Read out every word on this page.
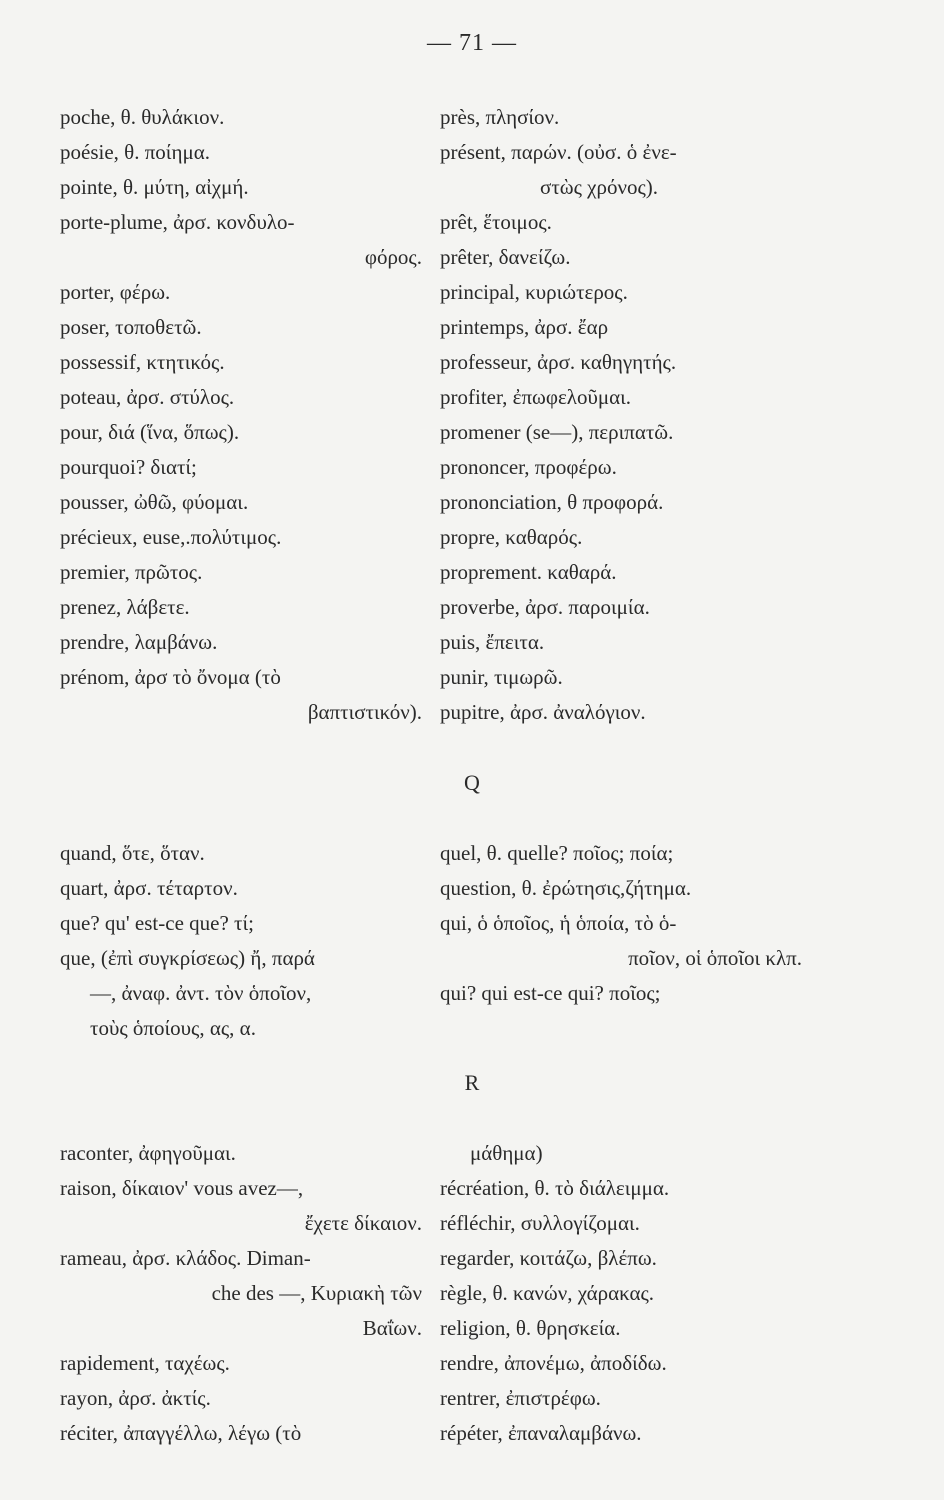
— 71 —
poche, θ. θυλάκιον.
poésie, θ. ποίημα.
pointe, θ. μύτη, αἰχμή.
porte-plume, ἀρσ. κονδυλο-
φόρος.
porter, φέρω.
poser, τοποθετῶ.
possessif, κτητικός.
poteau, ἀρσ. στύλος.
pour, διά (ἵνα, ὅπως).
pourquoi? διατί;
pousser, ὠθῶ, φύομαι.
précieux, euse,.πολύτιμος.
premier, πρῶτος.
prenez, λάβετε.
prendre, λαμβάνω.
prénom, ἀρσ τὸ ὄνομα (τὸ
βαπτιστικόν).
près, πλησίον.
présent, παρών. (οὐσ. ὁ ἐνε-
στὼς χρόνος).
prêt, ἕτοιμος.
prêter, δανείζω.
principal, κυριώτερος.
printemps, ἀρσ. ἔαρ
professeur, ἀρσ. καθηγητής.
profiter, ἐπωφελοῦμαι.
promener (se—), περιπατῶ.
prononcer, προφέρω.
prononciation, θ προφορά.
propre, καθαρός.
proprement. καθαρά.
proverbe, ἀρσ. παροιμία.
puis, ἔπειτα.
punir, τιμωρῶ.
pupitre, ἀρσ. ἀναλόγιον.
Q
quand, ὅτε, ὅταν.
quart, ἀρσ. τέταρτον.
que? qu' est-ce que? τί;
que, (ἐπὶ συγκρίσεως) ἤ, παρά
—, ἀναφ. ἀντ. τὸν ὁποῖον,
τοὺς ὁποίους, ας, α.
quel, θ. quelle? ποῖος; ποία;
question, θ. ἐρώτησις,ζήτημα.
qui, ὁ ὁποῖος, ἡ ὁποία, τὸ ὁ-
ποῖον, οἱ ὁποῖοι κλπ.
qui? qui est-ce qui? ποῖος;
R
raconter, ἀφηγοῦμαι.
raison, δίκαιον' vous avez—,
ἔχετε δίκαιον.
rameau, ἀρσ. κλάδος. Diman-
che des —, Κυριακὴ τῶν
Βαΐων.
rapidement, ταχέως.
rayon, ἀρσ. ἀκτίς.
réciter, ἀπαγγέλλω, λέγω (τὸ
μάθημα)
récréation, θ. τὸ διάλειμμα.
réfléchir, συλλογίζομαι.
regarder, κοιτάζω, βλέπω.
règle, θ. κανών, χάρακας.
religion, θ. θρησκεία.
rendre, ἀπονέμω, ἀποδίδω.
rentrer, ἐπιστρέφω.
répéter, ἐπαναλαμβάνω.
